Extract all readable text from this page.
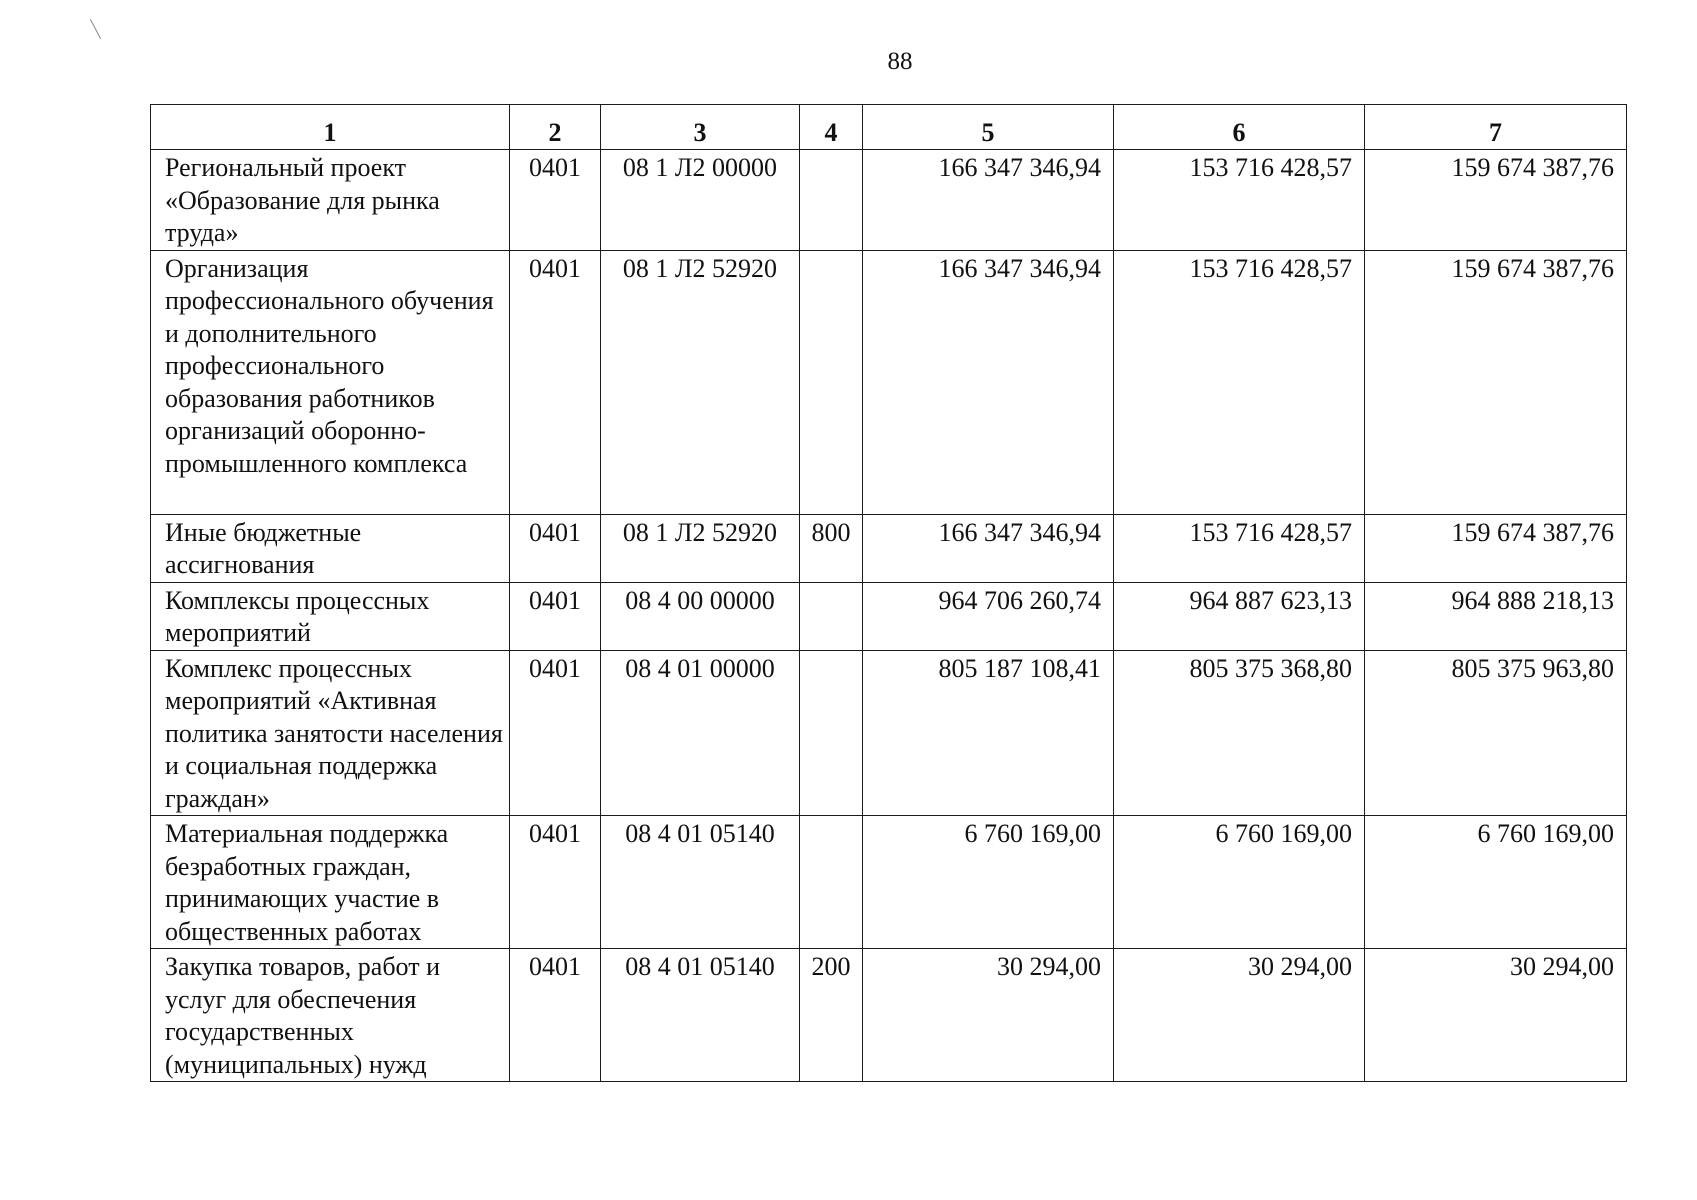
88
1	2	3	4	5	6	7
Региональный проект «Образование для рынка труда»	0401	08 1 Л2 00000		166 347 346,94	153 716 428,57	159 674 387,76
Организация профессионального обучения и дополнительного профессионального образования работников организаций оборонно-промышленного комплекса	0401	08 1 Л2 52920		166 347 346,94	153 716 428,57	159 674 387,76
Иные бюджетные ассигнования	0401	08 1 Л2 52920	800	166 347 346,94	153 716 428,57	159 674 387,76
Комплексы процессных мероприятий	0401	08 4 00 00000		964 706 260,74	964 887 623,13	964 888 218,13
Комплекс процессных мероприятий «Активная политика занятости населения и социальная поддержка граждан»	0401	08 4 01 00000		805 187 108,41	805 375 368,80	805 375 963,80
Материальная поддержка безработных граждан, принимающих участие в общественных работах	0401	08 4 01 05140		6 760 169,00	6 760 169,00	6 760 169,00
Закупка товаров, работ и услуг для обеспечения государственных (муниципальных) нужд	0401	08 4 01 05140	200	30 294,00	30 294,00	30 294,00
